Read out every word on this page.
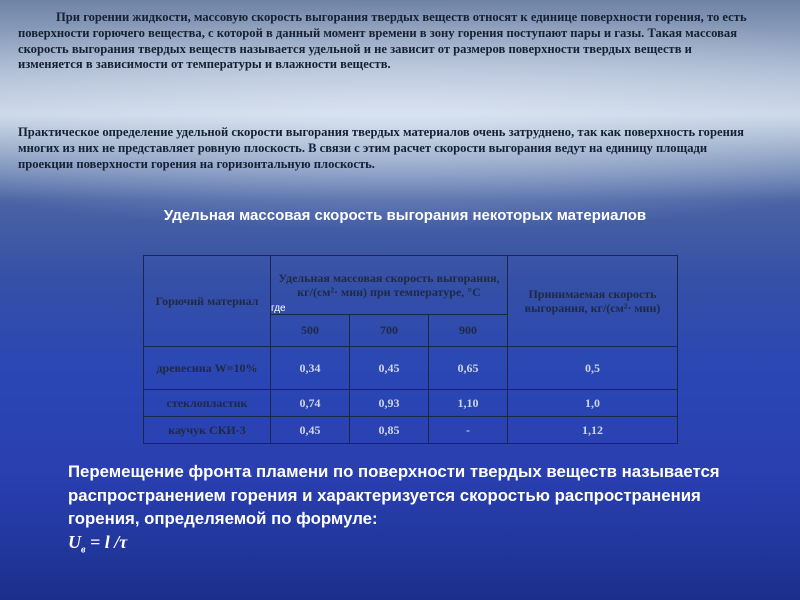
При горении жидкости, массовую скорость выгорания твердых веществ относят к единице поверхности горения, то есть поверхности горючего вещества, с которой в данный момент времени в зону горения поступают пары и газы. Такая массовая скорость выгорания твердых веществ называется удельной и не зависит от размеров поверхности твердых веществ и изменяется в зависимости от температуры и влажности веществ.

Практическое определение удельной скорости выгорания твердых материалов очень затруднено, так как поверхность горения многих из них не представляет ровную плоскость. В связи с этим расчет скорости выгорания ведут на единицу площади проекции поверхности горения на горизонтальную плоскость.

Удельная массовая скорость выгорания некоторых материалов
Горючий материал	Удельная массовая скорость выгорания, кг/(см²· мин) при температуре, °С
где			Принимаемая скорость выгорания, кг/(см²· мин)
	500	700	900	
древесина W=10%	0,34	0,45	0,65	0,5
стеклопластик	0,74	0,93	1,10	1,0
каучук СКИ-3	0,45	0,85	-	1,12
Перемещение фронта пламени по поверхности твердых веществ называется распространением горения и характеризуется скоростью распространения горения, определяемой по формуле:
$U_в = l$ /τ
